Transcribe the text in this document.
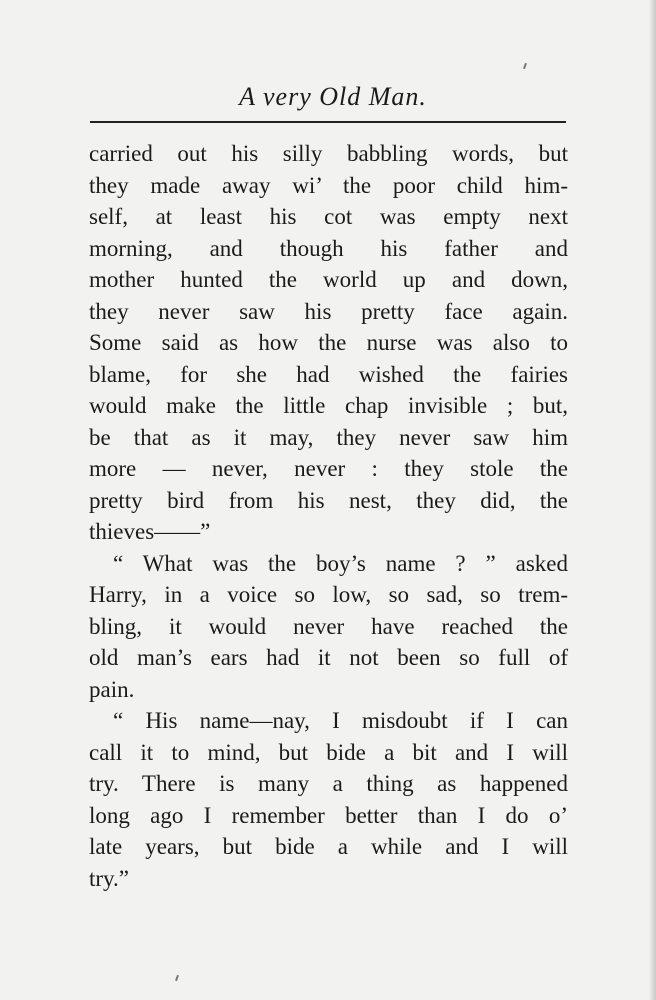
A very Old Man.
carried out his silly babbling words, but
they made away wi’ the poor child him-
self, at least his cot was empty next
morning, and though his father and
mother hunted the world up and down,
they never saw his pretty face again.
Some said as how the nurse was also to
blame, for she had wished the fairies
would make the little chap invisible ; but,
be that as it may, they never saw him
more — never, never : they stole the
pretty bird from his nest, they did, the
thieves——”
“ What was the boy’s name ? ” asked
Harry, in a voice so low, so sad, so trem-
bling, it would never have reached the
old man’s ears had it not been so full of
pain.
“ His name—nay, I misdoubt if I can
call it to mind, but bide a bit and I will
try. There is many a thing as happened
long ago I remember better than I do o’
late years, but bide a while and I will
try.”
